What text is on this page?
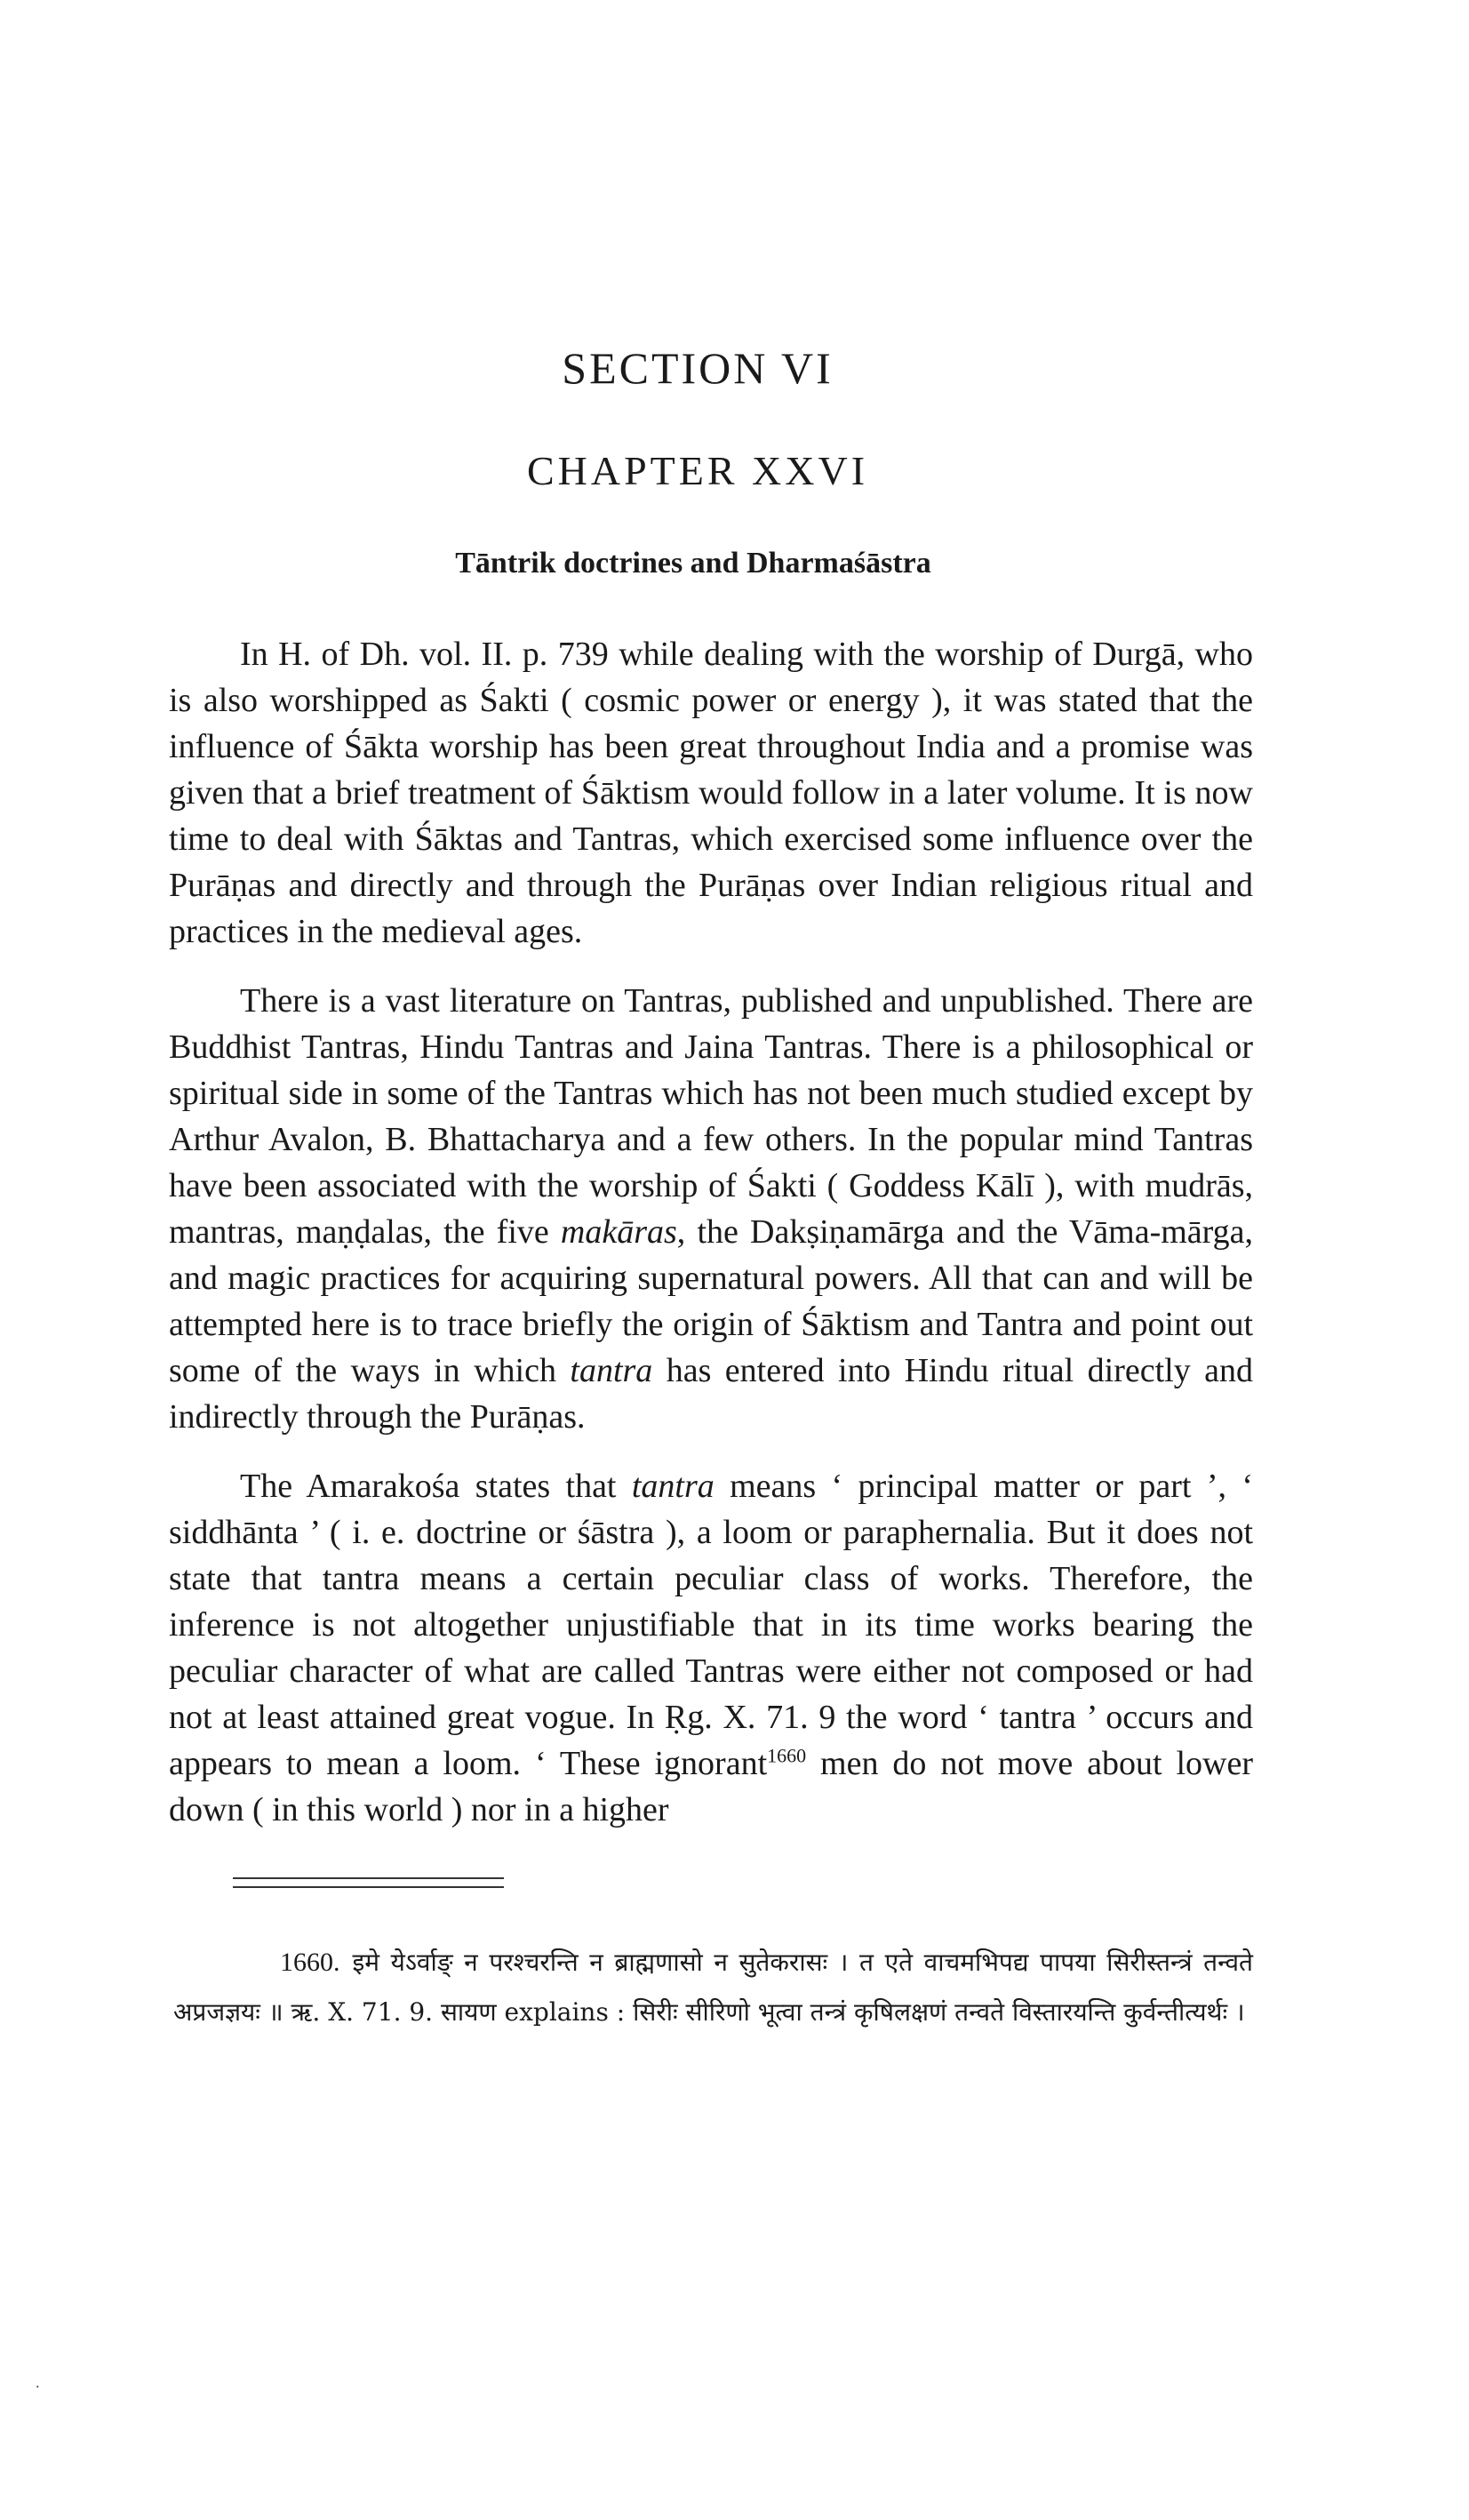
SECTION VI
CHAPTER XXVI
Tāntrik doctrines and Dharmaśāstra

In H. of Dh. vol. II. p. 739 while dealing with the worship of Durgā, who is also worshipped as Śakti ( cosmic power or energy ), it was stated that the influence of Śākta worship has been great throughout India and a promise was given that a brief treatment of Śāktism would follow in a later volume. It is now time to deal with Śāktas and Tantras, which exercised some influence over the Purāṇas and directly and through the Purāṇas over Indian religious ritual and practices in the medieval ages.

There is a vast literature on Tantras, published and unpublished. There are Buddhist Tantras, Hindu Tantras and Jaina Tantras. There is a philosophical or spiritual side in some of the Tantras which has not been much studied except by Arthur Avalon, B. Bhattacharya and a few others. In the popular mind Tantras have been associated with the worship of Śakti ( Goddess Kālī ), with mudrās, mantras, maṇḍalas, the five makāras, the Dakṣiṇamārga and the Vāma-mārga, and magic practices for acquiring supernatural powers. All that can and will be attempted here is to trace briefly the origin of Śāktism and Tantra and point out some of the ways in which tantra has entered into Hindu ritual directly and indirectly through the Purāṇas.

The Amarakośa states that tantra means ‘ principal matter or part ’, ‘ siddhānta ’ ( i. e. doctrine or śāstra ), a loom or paraphernalia. But it does not state that tantra means a certain peculiar class of works. Therefore, the inference is not altogether unjustifiable that in its time works bearing the peculiar character of what are called Tantras were either not composed or had not at least attained great vogue. In Ṛg. X. 71. 9 the word ‘ tantra ’ occurs and appears to mean a loom. ‘ These ignorant$^{1660}$ men do not move about lower down ( in this world ) nor in a higher

1660. इमे येऽर्वाङ् न परश्चरन्ति न ब्राह्मणासो न सुतेकरासः । त एते वाचमभिपद्य पापया सिरीस्तन्त्रं तन्वते अप्रजज्ञयः ॥ ऋ. X. 71. 9. सायण explains : सिरीः सीरिणो भूत्वा तन्त्रं कृषिलक्षणं तन्वते विस्तारयन्ति कुर्वन्तीत्यर्थः ।
.
